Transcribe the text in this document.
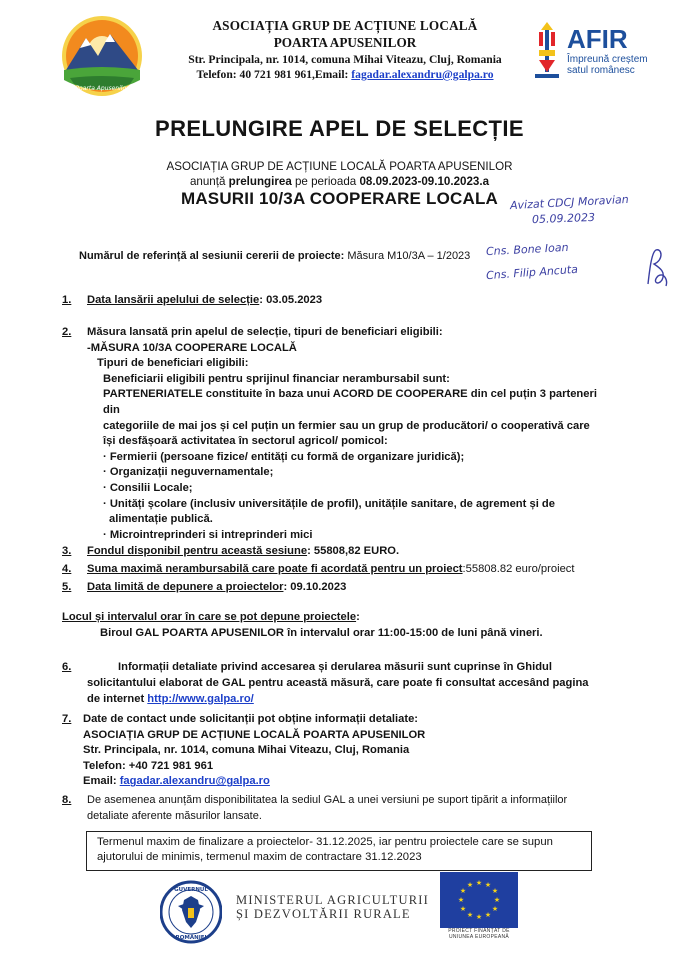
Poarta Apusenilor
ASOCIAȚIA GRUP DE ACȚIUNE LOCALĂ
POARTA APUSENILOR
Str. Principala, nr. 1014, comuna Mihai Viteazu, Cluj, Romania
Telefon: 40 721 981 961,Email: fagadar.alexandru@galpa.ro
AFIR
Împreună creștem
satul românesc
PRELUNGIRE APEL DE SELECȚIE
ASOCIAȚIA GRUP DE ACȚIUNE LOCALĂ POARTA APUSENILOR
anunță prelungirea pe perioada 08.09.2023-09.10.2023.a
MASURII 10/3A COOPERARE LOCALA	Avizat CDCJ Moravian
05.09.2023
Cns. Bone Ioan
Cns. Filip Ancuta
Numărul de referință al sesiunii cererii de proiecte: Măsura M10/3A – 1/2023
1. Data lansării apelului de selecție: 03.05.2023
2. Măsura lansată prin apelul de selecție, tipuri de beneficiari eligibili:
-MĂSURA 10/3A COOPERARE LOCALĂ
Tipuri de beneficiari eligibili:
Beneficiarii eligibili pentru sprijinul financiar nerambursabil sunt:
PARTENERIATELE constituite în baza unui ACORD DE COOPERARE din cel puțin 3 parteneri din
categoriile de mai jos și cel puțin un fermier sau un grup de producători/ o cooperativă care
își desfășoară activitatea în sectorul agricol/ pomicol:
· Fermierii (persoane fizice/ entități cu formă de organizare juridică);
· Organizații neguvernamentale;
· Consilii Locale;
· Unități școlare (inclusiv universitățile de profil), unitățile sanitare, de agrement și de
alimentație publică.
· Microintreprinderi si intreprinderi mici
3. Fondul disponibil pentru această sesiune: 55808,82 EURO.
4. Suma maximă nerambursabilă care poate fi acordată pentru un proiect:55808.82 euro/proiect
5. Data limită de depunere a proiectelor: 09.10.2023
Locul și intervalul orar în care se pot depune proiectele:
Biroul GAL POARTA APUSENILOR în intervalul orar 11:00-15:00 de luni până vineri.
6.	Informații detaliate privind accesarea și derularea măsurii sunt cuprinse în Ghidul
solicitantului elaborat de GAL pentru această măsură, care poate fi consultat accesând pagina
de internet http://www.galpa.ro/
7. Date de contact unde solicitanții pot obține informații detaliate:
ASOCIAȚIA GRUP DE ACȚIUNE LOCALĂ POARTA APUSENILOR
Str. Principala, nr. 1014, comuna Mihai Viteazu, Cluj, Romania
Telefon: +40 721 981 961
Email: fagadar.alexandru@galpa.ro
8. De asemenea anunțăm disponibilitatea la sediul GAL a unei versiuni pe suport tipărit a informațiilor
detaliate aferente măsurilor lansate.
Termenul maxim de finalizare a proiectelor- 31.12.2025, iar pentru proiectele care se supun
ajutorului de minimis, termenul maxim de contractare 31.12.2023
GUVERNUL
ROMÂNIEI
MINISTERUL AGRICULTURII
ȘI DEZVOLTĂRII RURALE
★ ★
★
★
★
★
★
★
★
★
★
★
PROIECT FINANȚAT DE
UNIUNEA EUROPEANĂ
